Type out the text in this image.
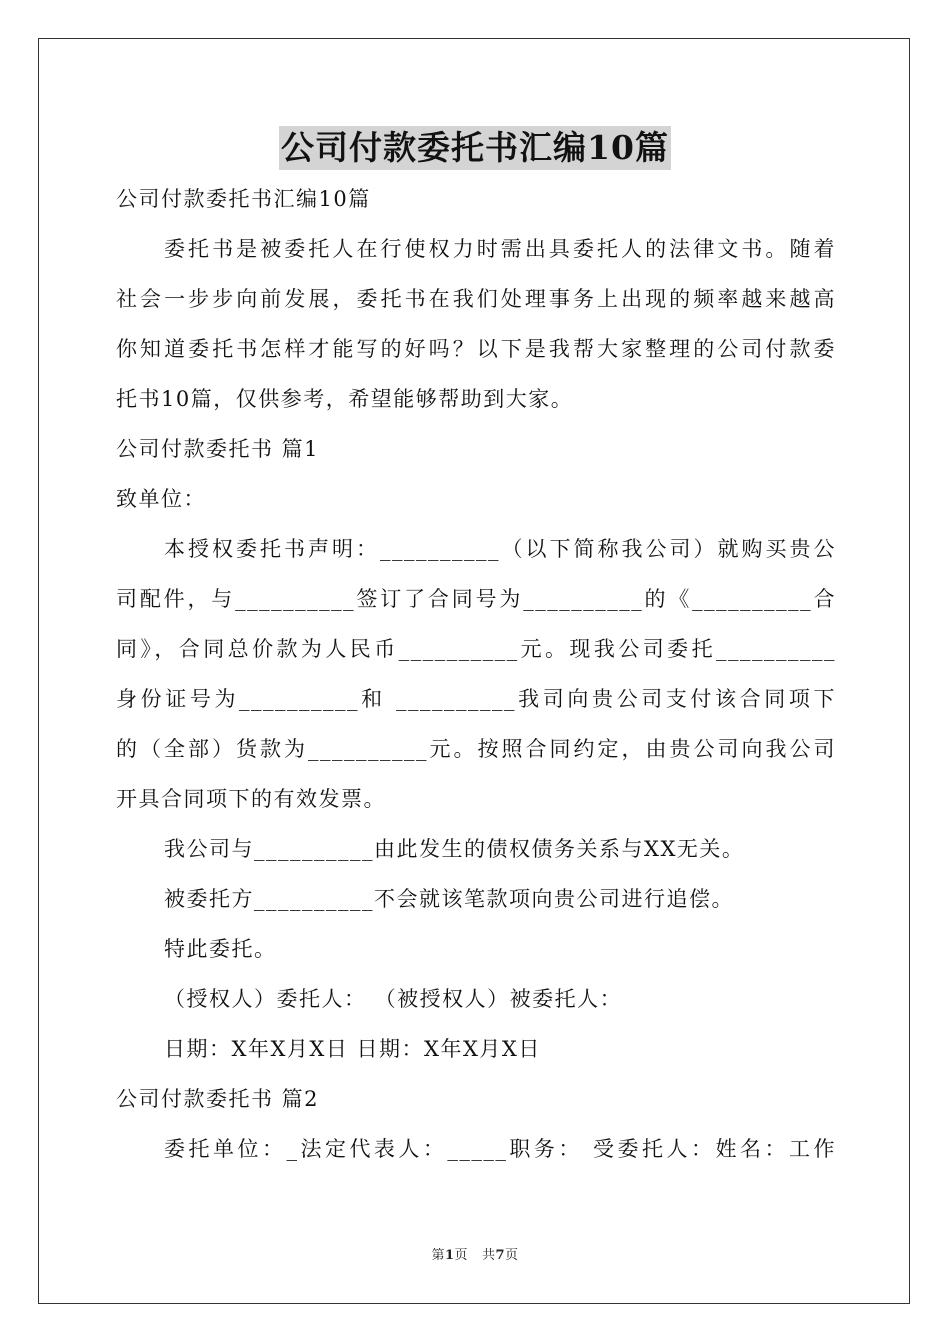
公司付款委托书汇编10篇
公司付款委托书汇编10篇
委托书是被委托人在行使权力时需出具委托人的法律文书。随着
社会一步步向前发展，委托书在我们处理事务上出现的频率越来越高
你知道委托书怎样才能写的好吗？以下是我帮大家整理的公司付款委
托书10篇，仅供参考，希望能够帮助到大家。
公司付款委托书 篇1
致单位：
本授权委托书声明：__________（以下简称我公司）就购买贵公
司配件，与__________签订了合同号为__________的《__________合
同》，合同总价款为人民币__________元。现我公司委托__________
身份证号为__________和 __________我司向贵公司支付该合同项下
的（全部）货款为__________元。按照合同约定，由贵公司向我公司
开具合同项下的有效发票。
我公司与__________由此发生的债权债务关系与XX无关。
被委托方__________不会就该笔款项向贵公司进行追偿。
特此委托。
（授权人）委托人： （被授权人）被委托人：
日期：X年X月X日 日期：X年X月X日
公司付款委托书 篇2
委托单位：_法定代表人：_____职务： 受委托人：姓名：工作
第1页 共7页
